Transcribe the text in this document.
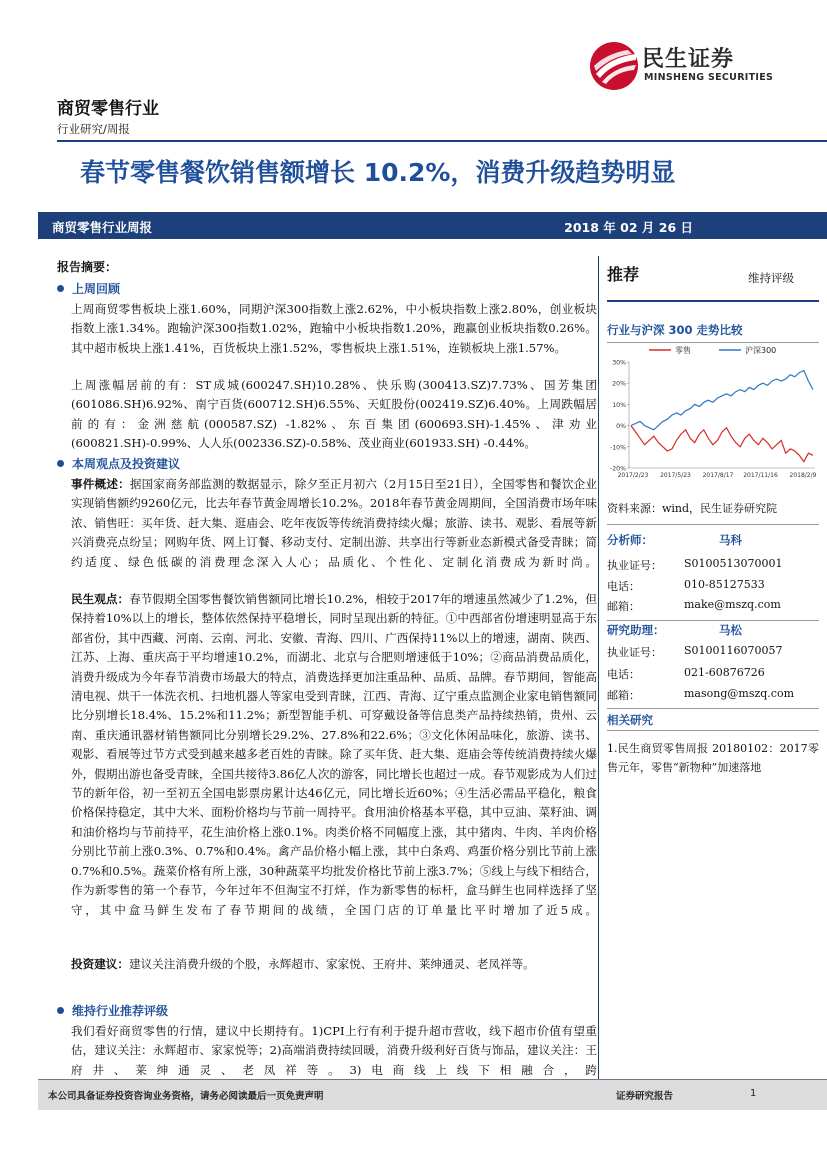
民生证券
MINSHENG SECURITIES
商贸零售行业
行业研究/周报
春节零售餐饮销售额增长 10.2%，消费升级趋势明显
商贸零售行业周报	2018 年 02 月 26 日
报告摘要：
上周回顾
上周商贸零售板块上涨1.60%，同期沪深300指数上涨2.62%，中小板块指数上涨2.80%，创业板块指数上涨1.34%。跑输沪深300指数1.02%，跑输中小板块指数1.20%，跑赢创业板块指数0.26%。其中超市板块上涨1.41%，百货板块上涨1.52%，零售板块上涨1.51%，连锁板块上涨1.57%。
上周涨幅居前的有：ST成城(600247.SH)10.28%、快乐购(300413.SZ)7.73%、国芳集团(601086.SH)6.92%、南宁百货(600712.SH)6.55%、天虹股份(002419.SZ)6.40%。上周跌幅居前的有：金洲慈航(000587.SZ) -1.82%、东百集团(600693.SH)-1.45%、津劝业(600821.SH)-0.99%、人人乐(002336.SZ)-0.58%、茂业商业(601933.SH) -0.44%。
本周观点及投资建议
事件概述：据国家商务部监测的数据显示，除夕至正月初六（2月15日至21日），全国零售和餐饮企业实现销售额约9260亿元，比去年春节黄金周增长10.2%。2018年春节黄金周期间，全国消费市场年味浓、销售旺：买年货、赶大集、逛庙会、吃年夜饭等传统消费持续火爆；旅游、读书、观影、看展等新兴消费亮点纷呈；网购年货、网上订餐、移动支付、定制出游、共享出行等新业态新模式备受青睐；简约适度、绿色低碳的消费理念深入人心；品质化、个性化、定制化消费成为新时尚。
民生观点：春节假期全国零售餐饮销售额同比增长10.2%，相较于2017年的增速虽然减少了1.2%，但保持着10%以上的增长，整体依然保持平稳增长，同时呈现出新的特征。①中西部省份增速明显高于东部省份，其中西藏、河南、云南、河北、安徽、青海、四川、广西保持11%以上的增速，湖南、陕西、江苏、上海、重庆高于平均增速10.2%，而湖北、北京与合肥则增速低于10%；②商品消费品质化，消费升级成为今年春节消费市场最大的特点，消费选择更加注重品种、品质、品牌。春节期间，智能高清电视、烘干一体洗衣机、扫地机器人等家电受到青睐，江西、青海、辽宁重点监测企业家电销售额同比分别增长18.4%、15.2%和11.2%；新型智能手机、可穿戴设备等信息类产品持续热销，贵州、云南、重庆通讯器材销售额同比分别增长29.2%、27.8%和22.6%；③文化休闲品味化，旅游、读书、观影、看展等过节方式受到越来越多老百姓的青睐。除了买年货、赶大集、逛庙会等传统消费持续火爆外，假期出游也备受青睐，全国共接待3.86亿人次的游客，同比增长也超过一成。春节观影成为人们过节的新年俗，初一至初五全国电影票房累计达46亿元，同比增长近60%；④生活必需品平稳化，粮食价格保持稳定，其中大米、面粉价格均与节前一周持平。食用油价格基本平稳，其中豆油、菜籽油、调和油价格均与节前持平，花生油价格上涨0.1%。肉类价格不同幅度上涨，其中猪肉、牛肉、羊肉价格分别比节前上涨0.3%、0.7%和0.4%。禽产品价格小幅上涨，其中白条鸡、鸡蛋价格分别比节前上涨0.7%和0.5%。蔬菜价格有所上涨，30种蔬菜平均批发价格比节前上涨3.7%；⑤线上与线下相结合，作为新零售的第一个春节，今年过年不但淘宝不打烊，作为新零售的标杆，盒马鲜生也同样选择了坚守，其中盒马鲜生发布了春节期间的战绩，全国门店的订单量比平时增加了近5成。
投资建议：建议关注消费升级的个股，永辉超市、家家悦、王府井、莱绅通灵、老凤祥等。
维持行业推荐评级
我们看好商贸零售的行情，建议中长期持有。1)CPI上行有利于提升超市营收，线下超市价值有望重估，建议关注：永辉超市、家家悦等；2)高端消费持续回暖，消费升级利好百货与饰品，建议关注：王府井、莱绅通灵、老凤祥等。3)电商线上线下相融合，跨
推荐	维持评级
行业与沪深 300 走势比较
零售	沪深300
30%
20%
10%
0%
-10%
-20%
2017/2/23 2017/5/23 2017/8/17 2017/11/16 2018/2/9
资料来源：wind，民生证券研究院
分析师：	马科
执业证号： S0100513070001
电话：	010-85127533
邮箱：	make@mszq.com
研究助理：	马松
执业证号： S0100116070057
电话：	021-60876726
邮箱：	masong@mszq.com
相关研究
1.民生商贸零售周报 20180102：2017零售元年，零售“新物种”加速落地
本公司具备证券投资咨询业务资格，请务必阅读最后一页免责声明	证券研究报告	1
